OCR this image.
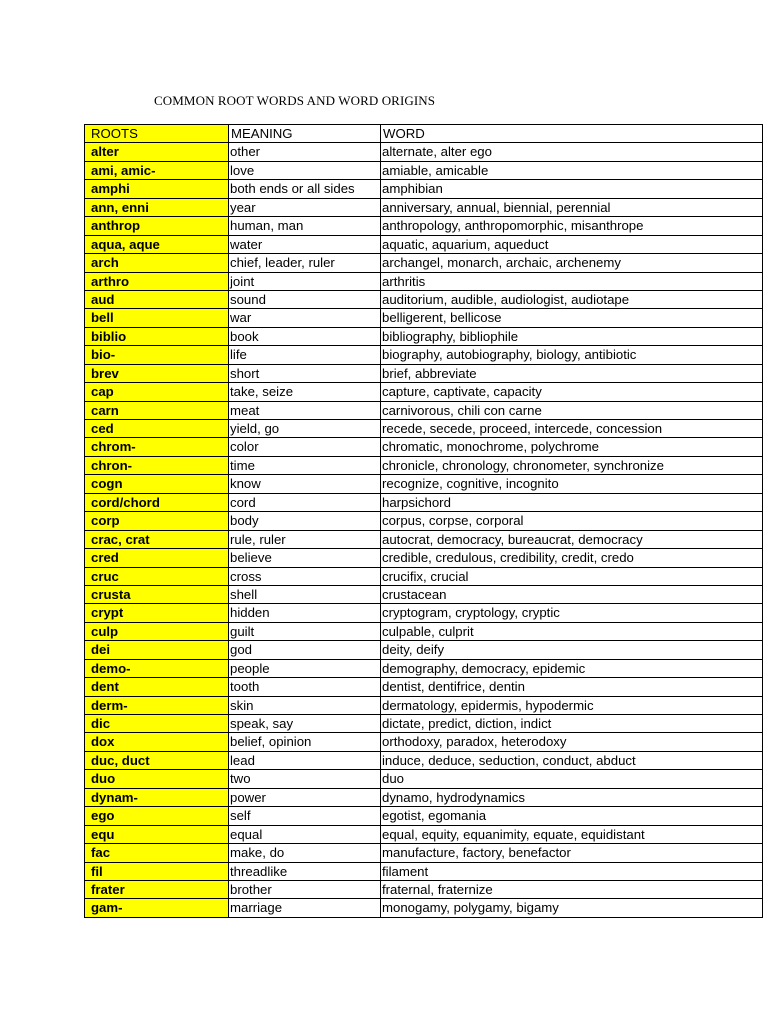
COMMON ROOT WORDS AND WORD ORIGINS
ROOTS	MEANING	WORD
alter	other	alternate, alter ego
ami, amic-	love	amiable, amicable
amphi	both ends or all sides	amphibian
ann, enni	year	anniversary, annual, biennial, perennial
anthrop	human, man	anthropology, anthropomorphic, misanthrope
aqua, aque	water	aquatic, aquarium, aqueduct
arch	chief, leader, ruler	archangel, monarch, archaic, archenemy
arthro	joint	arthritis
aud	sound	auditorium, audible, audiologist, audiotape
bell	war	belligerent, bellicose
biblio	book	bibliography, bibliophile
bio-	life	biography, autobiography, biology, antibiotic
brev	short	brief, abbreviate
cap	take, seize	capture, captivate, capacity
carn	meat	carnivorous, chili con carne
ced	yield, go	recede, secede, proceed, intercede, concession
chrom-	color	chromatic, monochrome, polychrome
chron-	time	chronicle, chronology, chronometer, synchronize
cogn	know	recognize, cognitive, incognito
cord/chord	cord	harpsichord
corp	body	corpus, corpse, corporal
crac, crat	rule, ruler	autocrat, democracy, bureaucrat, democracy
cred	believe	credible, credulous, credibility, credit, credo
cruc	cross	crucifix, crucial
crusta	shell	crustacean
crypt	hidden	cryptogram, cryptology, cryptic
culp	guilt	culpable, culprit
dei	god	deity, deify
demo-	people	demography, democracy, epidemic
dent	tooth	dentist, dentifrice, dentin
derm-	skin	dermatology, epidermis, hypodermic
dic	speak, say	dictate, predict, diction, indict
dox	belief, opinion	orthodoxy, paradox, heterodoxy
duc, duct	lead	induce, deduce, seduction, conduct, abduct
duo	two	duo
dynam-	power	dynamo, hydrodynamics
ego	self	egotist, egomania
equ	equal	equal, equity, equanimity, equate, equidistant
fac	make, do	manufacture, factory, benefactor
fil	threadlike	filament
frater	brother	fraternal, fraternize
gam-	marriage	monogamy, polygamy, bigamy
